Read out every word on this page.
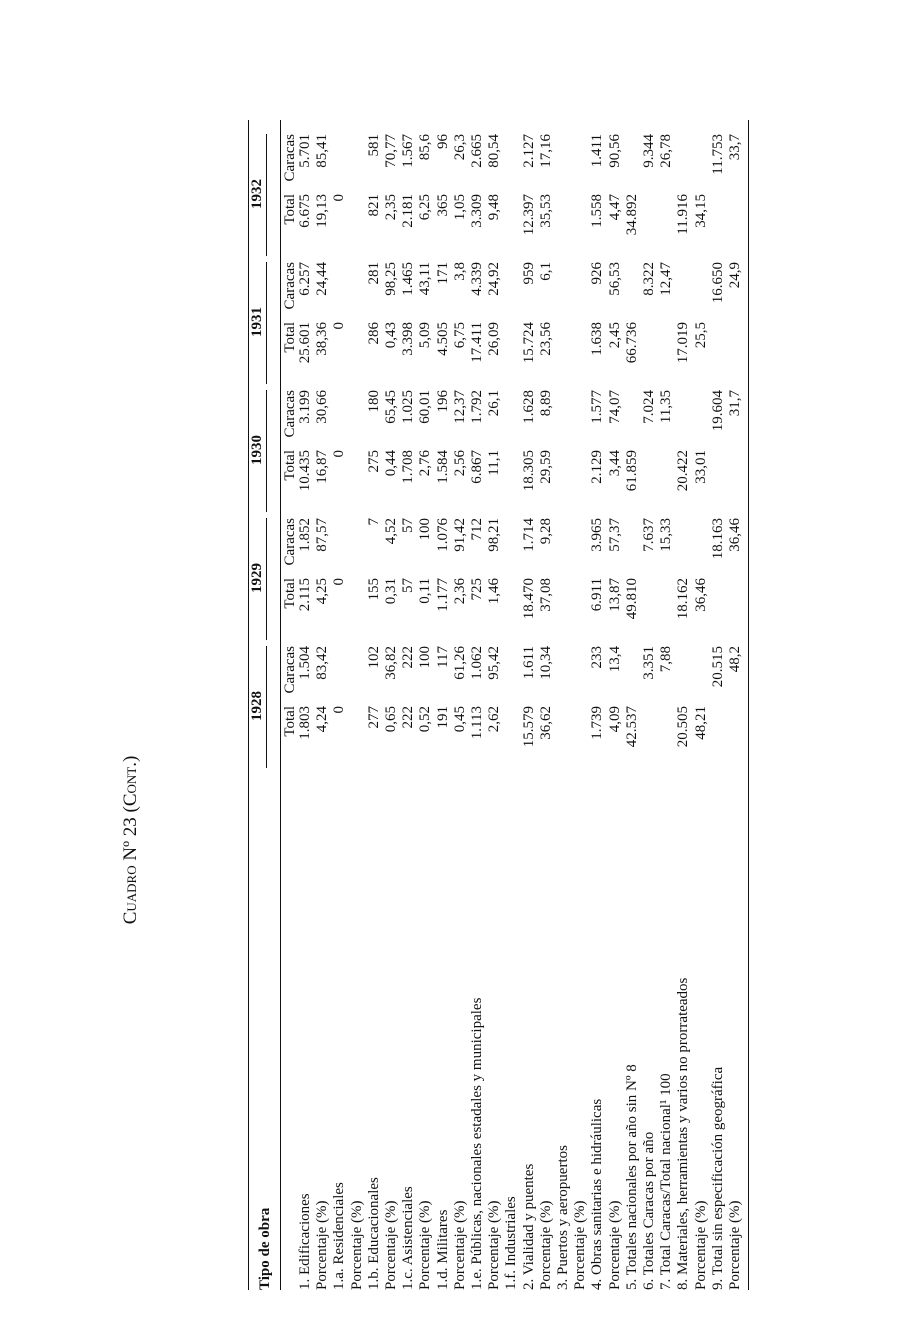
Cuadro Nº 23 (Cont.)
Tipo de obra
1928
1929
1930
1931
1932
Total
Caracas
Total
Caracas
Total
Caracas
Total
Caracas
Total
Caracas
1. Edificaciones
1.803
1.504
2.115
1.852
10.435
3.199
25.601
6.257
6.675
5.701
Porcentaje (%)
4,24
83,42
4,25
87,57
16,87
30,66
38,36
24,44
19,13
85,41
1.a. Residenciales
0
0
0
0
0
Porcentaje (%) 1.b. Educacionales
277
102
155
7
275
180
286
281
821
581
Porcentaje (%)
0,65
36,82
0,31
4,52
0,44
65,45
0,43
98,25
2,35
70,77
1.c. Asistenciales
222
222
57
57
1.708
1.025
3.398
1.465
2.181
1.567
Porcentaje (%)
0,52
100
0,11
100
2,76
60,01
5,09
43,11
6,25
85,6
1.d. Militares
191
117
1.177
1.076
1.584
196
4.505
171
365
96
Porcentaje (%)
0,45
61,26
2,36
91,42
2,56
12,37
6,75
3,8
1,05
26,3
1.e. Públicas, nacionales estadales y municipales
1.113
1.062
725
712
6.867
1.792
17.411
4.339
3.309
2.665
Porcentaje (%)
2,62
95,42
1,46
98,21
11,1
26,1
26,09
24,92
9,48
80,54
1.f. Industriales 2. Vialidad y puentes
15.579
1.611
18.470
1.714
18.305
1.628
15.724
959
12.397
2.127
Porcentaje (%)
36,62
10,34
37,08
9,28
29,59
8,89
23,56
6,1
35,53
17,16
3. Puertos y aeropuertos Porcentaje (%) 4. Obras sanitarias e hidráulicas
1.739
233
6.911
3.965
2.129
1.577
1.638
926
1.558
1.411
Porcentaje (%)
4,09
13,4
13,87
57,37
3,44
74,07
2,45
56,53
4,47
90,56
5. Totales nacionales por año sin Nº 8
42.537
49.810
61.859
66.736
34.892
6. Totales Caracas por año
3.351
7.637
7.024
8.322
9.344
7. Total Caracas/Total nacional¹ 100
7,88
15,33
11,35
12,47
26,78
8. Materiales, herramientas y varios no prorrateados
20.505
18.162
20.422
17.019
11.916
Porcentaje (%)
48,21
36,46
33,01
25,5
34,15
9. Total sin especificación geográfica
20.515
18.163
19.604
16.650
11.753
Porcentaje (%)
48,2
36,46
31,7
24,9
33,7
